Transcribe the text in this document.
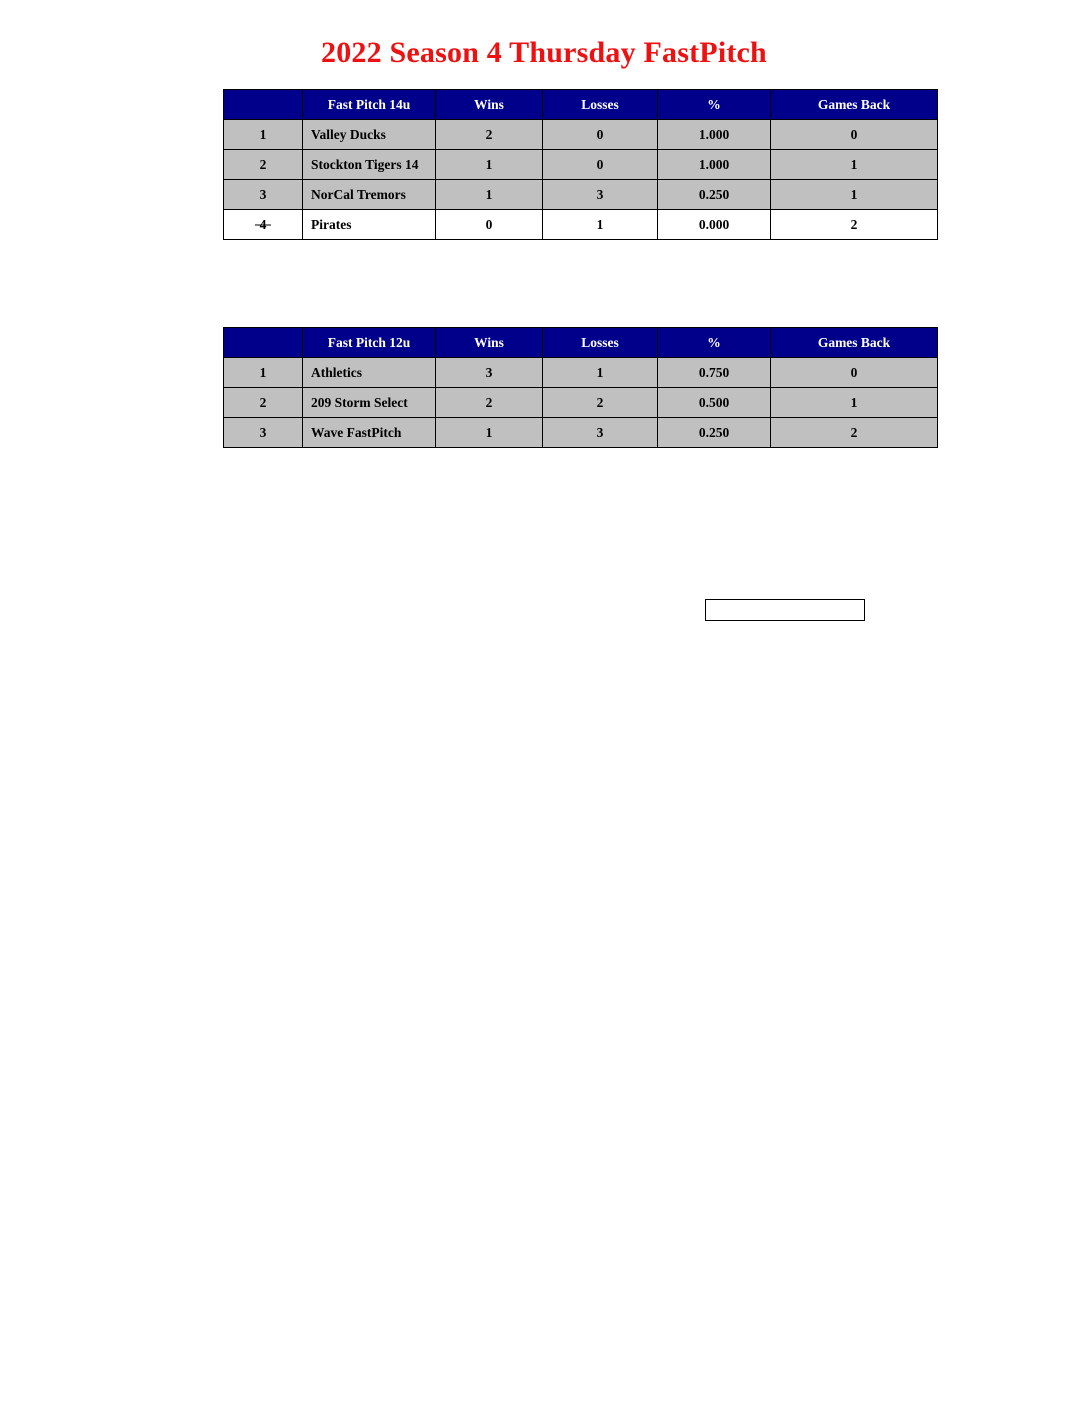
2022 Season 4 Thursday FastPitch
	Fast Pitch 14u	Wins	Losses	%	Games Back
1	Valley Ducks	2	0	1.000	0
2	Stockton Tigers 14	1	0	1.000	1
3	NorCal Tremors	1	3	0.250	1

	Pirates	0	1	0.000	2
	Fast Pitch 12u	Wins	Losses	%	Games Back
1	Athletics	3	1	0.750	0
2	209 Storm Select	2	2	0.500	1
3	Wave FastPitch	1	3	0.250	2
